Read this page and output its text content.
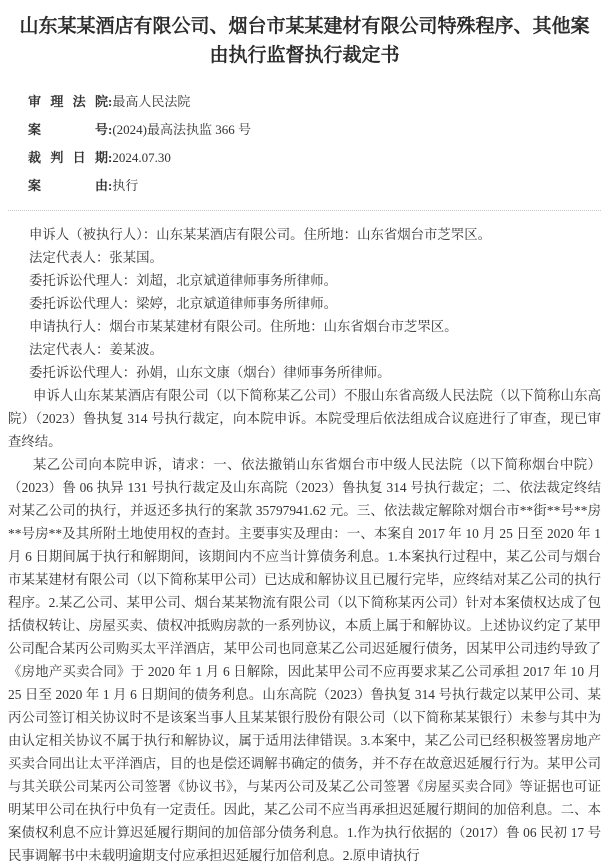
山东某某酒店有限公司、烟台市某某建材有限公司特殊程序、其他案由执行监督执行裁定书
审理法院:最高人民法院
案号:(2024)最高法执监 366 号
裁判日期:2024.07.30
案由:执行

申诉人（被执行人）：山东某某酒店有限公司。住所地：山东省烟台市芝罘区。

法定代表人：张某国。

委托诉讼代理人：刘超，北京斌道律师事务所律师。

委托诉讼代理人：梁婷，北京斌道律师事务所律师。

申请执行人：烟台市某某建材有限公司。住所地：山东省烟台市芝罘区。

法定代表人：姜某波。

委托诉讼代理人：孙娟，山东文康（烟台）律师事务所律师。

申诉人山东某某酒店有限公司（以下简称某乙公司）不服山东省高级人民法院（以下简称山东高院）（2023）鲁执复 314 号执行裁定，向本院申诉。本院受理后依法组成合议庭进行了审查，现已审查终结。

某乙公司向本院申诉，请求：一、依法撤销山东省烟台市中级人民法院（以下简称烟台中院）（2023）鲁 06 执异 131 号执行裁定及山东高院（2023）鲁执复 314 号执行裁定；二、依法裁定终结对某乙公司的执行，并返还多执行的案款 35797941.62 元。三、依法裁定解除对烟台市**街**号**房**号房**及其所附土地使用权的查封。主要事实及理由：一、本案自 2017 年 10 月 25 日至 2020 年 1 月 6 日期间属于执行和解期间，该期间内不应当计算债务利息。1.本案执行过程中，某乙公司与烟台市某某建材有限公司（以下简称某甲公司）已达成和解协议且已履行完毕，应终结对某乙公司的执行程序。2.某乙公司、某甲公司、烟台某某物流有限公司（以下简称某丙公司）针对本案债权达成了包括债权转让、房屋买卖、债权冲抵购房款的一系列协议，本质上属于和解协议。上述协议约定了某甲公司配合某丙公司购买太平洋酒店，某甲公司也同意某乙公司迟延履行债务，因某甲公司违约导致了《房地产买卖合同》于 2020 年 1 月 6 日解除，因此某甲公司不应再要求某乙公司承担 2017 年 10 月 25 日至 2020 年 1 月 6 日期间的债务利息。山东高院（2023）鲁执复 314 号执行裁定以某甲公司、某丙公司签订相关协议时不是该案当事人且某某银行股份有限公司（以下简称某某银行）未参与其中为由认定相关协议不属于执行和解协议，属于适用法律错误。3.本案中，某乙公司已经积极签署房地产买卖合同出让太平洋酒店，目的也是偿还调解书确定的债务，并不存在故意迟延履行行为。某甲公司与其关联公司某丙公司签署《协议书》，与某丙公司及某乙公司签署《房屋买卖合同》等证据也可证明某甲公司在执行中负有一定责任。因此，某乙公司不应当再承担迟延履行期间的加倍利息。二、本案债权利息不应计算迟延履行期间的加倍部分债务利息。1.作为执行依据的（2017）鲁 06 民初 17 号民事调解书中未载明逾期支付应承担迟延履行加倍利息。2.原申请执行
